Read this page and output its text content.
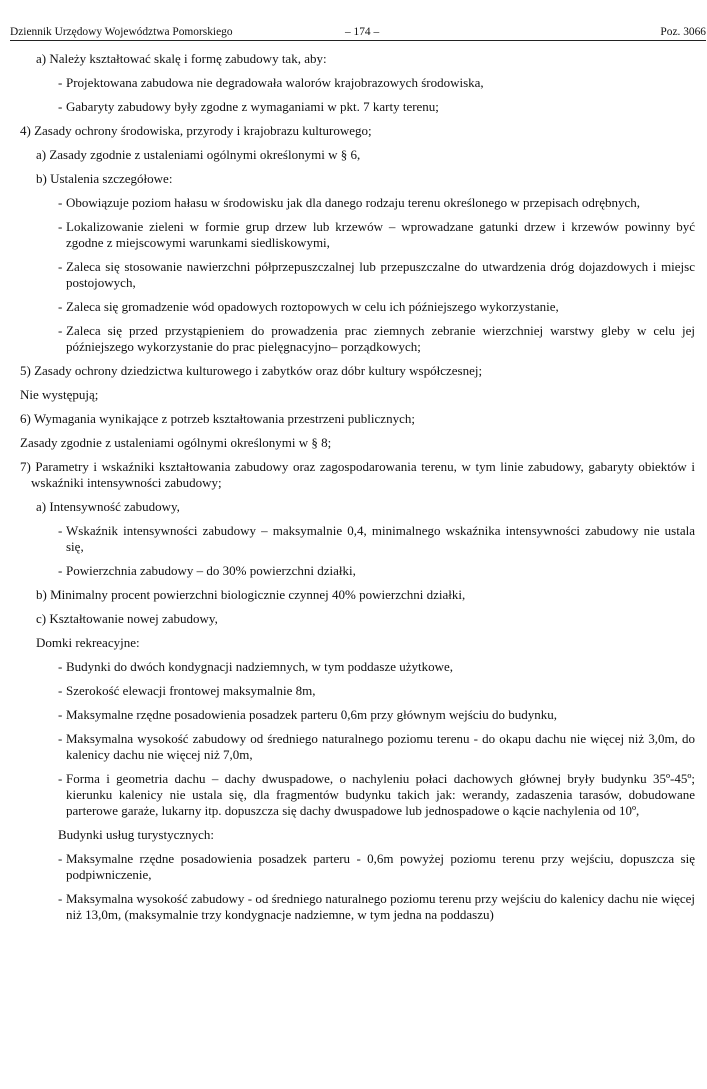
Dziennik Urzędowy Województwa Pomorskiego	– 174 –	Poz. 3066
a) Należy kształtować skalę i formę zabudowy tak, aby:
- Projektowana zabudowa nie degradowała walorów krajobrazowych środowiska,
- Gabaryty zabudowy były zgodne z wymaganiami w pkt. 7 karty terenu;
4) Zasady ochrony środowiska, przyrody i krajobrazu kulturowego;
a) Zasady zgodnie z ustaleniami ogólnymi określonymi w § 6,
b) Ustalenia szczegółowe:
- Obowiązuje poziom hałasu w środowisku jak dla danego rodzaju terenu określonego w przepisach odrębnych,
- Lokalizowanie zieleni w formie grup drzew lub krzewów – wprowadzane gatunki drzew i krzewów powinny być zgodne z miejscowymi warunkami siedliskowymi,
- Zaleca się stosowanie nawierzchni półprzepuszczalnej lub przepuszczalne do utwardzenia dróg dojazdowych i miejsc postojowych,
- Zaleca się gromadzenie wód opadowych roztopowych w celu ich późniejszego wykorzystanie,
- Zaleca się przed przystąpieniem do prowadzenia prac ziemnych zebranie wierzchniej warstwy gleby w celu jej późniejszego wykorzystanie do prac pielęgnacyjno– porządkowych;
5) Zasady ochrony dziedzictwa kulturowego i zabytków oraz dóbr kultury współczesnej;
Nie występują;
6) Wymagania wynikające z potrzeb kształtowania przestrzeni publicznych;
Zasady zgodnie z ustaleniami ogólnymi określonymi w § 8;
7) Parametry i wskaźniki kształtowania zabudowy oraz zagospodarowania terenu, w tym linie zabudowy, gabaryty obiektów i wskaźniki intensywności zabudowy;
a) Intensywność zabudowy,
- Wskaźnik intensywności zabudowy – maksymalnie 0,4, minimalnego wskaźnika intensywności zabudowy nie ustala się,
- Powierzchnia zabudowy – do 30% powierzchni działki,
b) Minimalny procent powierzchni biologicznie czynnej 40% powierzchni działki,
c) Kształtowanie nowej zabudowy,
Domki rekreacyjne:
- Budynki do dwóch kondygnacji nadziemnych, w tym poddasze użytkowe,
- Szerokość elewacji frontowej maksymalnie 8m,
- Maksymalne rzędne posadowienia posadzek parteru 0,6m przy głównym wejściu do budynku,
- Maksymalna wysokość zabudowy od średniego naturalnego poziomu terenu - do okapu dachu nie więcej niż 3,0m, do kalenicy dachu nie więcej niż 7,0m,
- Forma i geometria dachu – dachy dwuspadowe, o nachyleniu połaci dachowych głównej bryły budynku 35º-45º; kierunku kalenicy nie ustala się, dla fragmentów budynku takich jak: werandy, zadaszenia tarasów, dobudowane parterowe garaże, lukarny itp. dopuszcza się dachy dwuspadowe lub jednospadowe o kącie nachylenia od 10º,
Budynki usług turystycznych:
- Maksymalne rzędne posadowienia posadzek parteru - 0,6m powyżej poziomu terenu przy wejściu, dopuszcza się podpiwniczenie,
- Maksymalna wysokość zabudowy - od średniego naturalnego poziomu terenu przy wejściu do kalenicy dachu nie więcej niż 13,0m, (maksymalnie trzy kondygnacje nadziemne, w tym jedna na poddaszu)
